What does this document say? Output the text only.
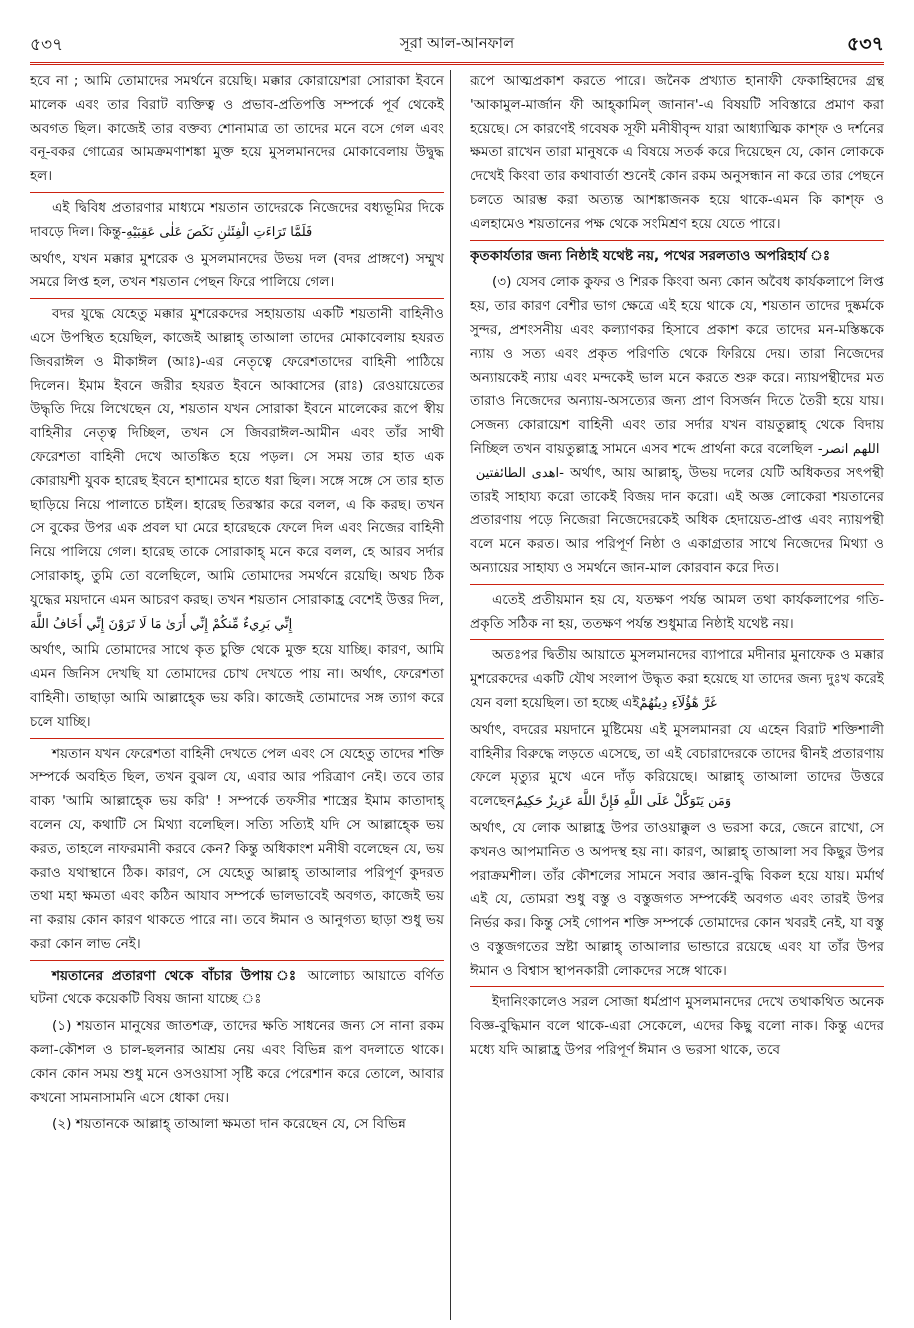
৫৩৭	সূরা আল-আনফাল	৫৩৭

হবে না ; আমি তোমাদের সমর্থনে রয়েছি। মক্কার কোরায়েশরা সোরাকা ইবনে মালেক এবং তার বিরাট ব্যক্তিত্ব ও প্রভাব-প্রতিপত্তি সম্পর্কে পূর্ব থেকেই অবগত ছিল। কাজেই তার বক্তব্য শোনামাত্র তা তাদের মনে বসে গেল এবং বনূ-বকর গোত্রের আমক্রমণাশঙ্কা মুক্ত হয়ে মুসলমানদের মোকাবেলায় উদ্বুদ্ধ হল।

এই দ্বিবিধ প্রতারণার মাধ্যমে শয়তান তাদেরকে নিজেদের বধ্যভূমির দিকে দাবড়ে দিল। কিন্তু- فَلَمَّا تَرَاءَتِ الْفِئَتٰنِ نَكَصَ عَلٰى عَقِبَيْهِ

অর্থাৎ, যখন মক্কার মুশরেক ও মুসলমানদের উভয় দল (বদর প্রাঙ্গণে) সম্মুখ সমরে লিপ্ত হল, তখন শয়তান পেছন ফিরে পালিয়ে গেল।

বদর যুদ্ধে যেহেতু মক্কার মুশরেকদের সহায়তায় একটি শয়তানী বাহিনীও এসে উপস্থিত হয়েছিল, কাজেই আল্লাহ্ তাআলা তাদের মোকাবেলায় হযরত জিবরাঈল ও মীকাঈল (আঃ)-এর নেতৃত্বে ফেরেশতাদের বাহিনী পাঠিয়ে দিলেন। ইমাম ইবনে জরীর হযরত ইবনে আব্বাসের (রাঃ) রেওয়ায়েতের উদ্ধৃতি দিয়ে লিখেছেন যে, শয়তান যখন সোরাকা ইবনে মালেকের রূপে স্বীয় বাহিনীর নেতৃত্ব দিচ্ছিল, তখন সে জিবরাঈল-আমীন এবং তাঁর সাথী ফেরেশতা বাহিনী দেখে আতঙ্কিত হয়ে পড়ল। সে সময় তার হাত এক কোরায়শী যুবক হারেছ ইবনে হাশামের হাতে ধরা ছিল। সঙ্গে সঙ্গে সে তার হাত ছাড়িয়ে নিয়ে পালাতে চাইল। হারেছ তিরস্কার করে বলল, এ কি করছ। তখন সে বুকের উপর এক প্রবল ঘা মেরে হারেছকে ফেলে দিল এবং নিজের বাহিনী নিয়ে পালিয়ে গেল। হারেছ তাকে সোরাকাহ্ মনে করে বলল, হে আরব সর্দার সোরাকাহ্, তুমি তো বলেছিলে, আমি তোমাদের সমর্থনে রয়েছি। অথচ ঠিক যুদ্ধের ময়দানে এমন আচরণ করছ। তখন শয়তান সোরাকাহ্র বেশেই উত্তর দিল, إِنِّي بَرِيءٌ مِّنكُمْ إِنِّي أَرَىٰ مَا لَا تَرَوْنَ إِنِّي أَخَافُ اللَّهَ

অর্থাৎ, আমি তোমাদের সাথে কৃত চুক্তি থেকে মুক্ত হয়ে যাচ্ছি। কারণ, আমি এমন জিনিস দেখছি যা তোমাদের চোখ দেখতে পায় না। অর্থাৎ, ফেরেশতা বাহিনী। তাছাড়া আমি আল্লাহ্কে ভয় করি। কাজেই তোমাদের সঙ্গ ত্যাগ করে চলে যাচ্ছি।

শয়তান যখন ফেরেশতা বাহিনী দেখতে পেল এবং সে যেহেতু তাদের শক্তি সম্পর্কে অবহিত ছিল, তখন বুঝল যে, এবার আর পরিত্রাণ নেই। তবে তার বাক্য 'আমি আল্লাহ্কে ভয় করি' ! সম্পর্কে তফসীর শাস্ত্রের ইমাম কাতাদাহ্ বলেন যে, কথাটি সে মিথ্যা বলেছিল। সত্যি সত্যিই যদি সে আল্লাহ্কে ভয় করত, তাহলে নাফরমানী করবে কেন? কিন্তু অধিকাংশ মনীষী বলেছেন যে, ভয় করাও যথাস্থানে ঠিক। কারণ, সে যেহেতু আল্লাহ্ তাআলার পরিপূর্ণ কুদরত তথা মহা ক্ষমতা এবং কঠিন আযাব সম্পর্কে ভালভাবেই অবগত, কাজেই ভয় না করায় কোন কারণ থাকতে পারে না। তবে ঈমান ও আনুগত্য ছাড়া শুধু ভয় করা কোন লাভ নেই।

শয়তানের প্রতারণা থেকে বাঁচার উপায় ঃ আলোচ্য আয়াতে বর্ণিত ঘটনা থেকে কয়েকটি বিষয় জানা যাচ্ছে ঃ

(১) শয়তান মানুষের জাতশত্রু, তাদের ক্ষতি সাধনের জন্য সে নানা রকম কলা-কৌশল ও চাল-ছলনার আশ্রয় নেয় এবং বিভিন্ন রূপ বদলাতে থাকে। কোন কোন সময় শুধু মনে ওসওয়াসা সৃষ্টি করে পেরেশান করে তোলে, আবার কখনো সামনাসামনি এসে ধোকা দেয়।

(২) শয়তানকে আল্লাহ্ তাআলা ক্ষমতা দান করেছেন যে, সে বিভিন্ন

রূপে আত্মপ্রকাশ করতে পারে। জনৈক প্রখ্যাত হানাফী ফেকাহ্বিদের গ্রন্থ 'আকামুল-মার্জান ফী আহ্কামিল্ জানান'-এ বিষয়টি সবিস্তারে প্রমাণ করা হয়েছে। সে কারণেই গবেষক সূফী মনীষীবৃন্দ যারা আধ্যাত্মিক কাশ্ফ ও দর্শনের ক্ষমতা রাখেন তারা মানুষকে এ বিষয়ে সতর্ক করে দিয়েছেন যে, কোন লোককে দেখেই কিংবা তার কথাবার্তা শুনেই কোন রকম অনুসন্ধান না করে তার পেছনে চলতে আরম্ভ করা অত্যন্ত আশঙ্কাজনক হয়ে থাকে-এমন কি কাশ্ফ ও এলহামেও শয়তানের পক্ষ থেকে সংমিশ্রণ হয়ে যেতে পারে।

কৃতকার্যতার জন্য নিষ্ঠাই যথেষ্ট নয়, পথের সরলতাও অপরিহার্য ঃ

(৩) যেসব লোক কুফর ও শিরক কিংবা অন্য কোন অবৈধ কার্যকলাপে লিপ্ত হয়, তার কারণ বেশীর ভাগ ক্ষেত্রে এই হয়ে থাকে যে, শয়তান তাদের দুষ্কর্মকে সুন্দর, প্রশংসনীয় এবং কল্যাণকর হিসাবে প্রকাশ করে তাদের মন-মস্তিষ্ককে ন্যায় ও সত্য এবং প্রকৃত পরিণতি থেকে ফিরিয়ে দেয়। তারা নিজেদের অন্যায়কেই ন্যায় এবং মন্দকেই ভাল মনে করতে শুরু করে। ন্যায়পন্থীদের মত তারাও নিজেদের অন্যায়-অসত্যের জন্য প্রাণ বিসর্জন দিতে তৈরী হয়ে যায়। সেজন্য কোরায়েশ বাহিনী এবং তার সর্দার যখন বায়তুল্লাহ্ থেকে বিদায় নিচ্ছিল তখন বায়তুল্লাহ্র সামনে এসব শব্দে প্রার্থনা করে বলেছিল - اللهم انصر اهدى الطائفتين - অর্থাৎ, আয় আল্লাহ্, উভয় দলের যেটি অধিকতর সৎপন্থী তারই সাহায্য করো তাকেই বিজয় দান করো। এই অজ্ঞ লোকেরা শয়তানের প্রতারণায় পড়ে নিজেরা নিজেদেরকেই অধিক হেদায়েত-প্রাপ্ত এবং ন্যায়পন্থী বলে মনে করত। আর পরিপূর্ণ নিষ্ঠা ও একাগ্রতার সাথে নিজেদের মিথ্যা ও অন্যায়ের সাহায্য ও সমর্থনে জান-মাল কোরবান করে দিত।

এতেই প্রতীয়মান হয় যে, যতক্ষণ পর্যন্ত আমল তথা কার্যকলাপের গতি-প্রকৃতি সঠিক না হয়, ততক্ষণ পর্যন্ত শুধুমাত্র নিষ্ঠাই যথেষ্ট নয়।

অতঃপর দ্বিতীয় আয়াতে মুসলমানদের ব্যাপারে মদীনার মুনাফেক ও মক্কার মুশরেকদের একটি যৌথ সংলাপ উদ্ধৃত করা হয়েছে যা তাদের জন্য দুঃখ করেই যেন বলা হয়েছিল। তা হচ্ছে এই غَرَّ هٰٓؤُلَآءِ دِينُهُمْ

অর্থাৎ, বদরের ময়দানে মুষ্টিমেয় এই মুসলমানরা যে এহেন বিরাট শক্তিশালী বাহিনীর বিরুদ্ধে লড়তে এসেছে, তা এই বেচারাদেরকে তাদের দ্বীনই প্রতারণায় ফেলে মৃত্যুর মুখে এনে দাঁড় করিয়েছে। আল্লাহ্ তাআলা তাদের উত্তরে বলেছেন وَمَن يَتَوَكَّلْ عَلَى اللَّهِ فَإِنَّ اللَّهَ عَزِيزٌ حَكِيمٌ

অর্থাৎ, যে লোক আল্লাহ্র উপর তাওয়াক্কুল ও ভরসা করে, জেনে রাখো, সে কখনও আপমানিত ও অপদস্থ হয় না। কারণ, আল্লাহ্ তাআলা সব কিছুর উপর পরাক্রমশীল। তাঁর কৌশলের সামনে সবার জ্ঞান-বুদ্ধি বিকল হয়ে যায়। মর্মার্থ এই যে, তোমরা শুধু বস্তু ও বস্তুজগত সম্পর্কেই অবগত এবং তারই উপর নির্ভর কর। কিন্তু সেই গোপন শক্তি সম্পর্কে তোমাদের কোন খবরই নেই, যা বস্তু ও বস্তুজগতের স্রষ্টা আল্লাহ্ তাআলার ভান্ডারে রয়েছে এবং যা তাঁর উপর ঈমান ও বিশ্বাস স্থাপনকারী লোকদের সঙ্গে থাকে।

ইদানিংকালেও সরল সোজা ধর্মপ্রাণ মুসলমানদের দেখে তথাকথিত অনেক বিজ্ঞ-বুদ্ধিমান বলে থাকে-এরা সেকেলে, এদের কিছু বলো নাক। কিন্তু এদের মধ্যে যদি আল্লাহ্র উপর পরিপূর্ণ ঈমান ও ভরসা থাকে, তবে
